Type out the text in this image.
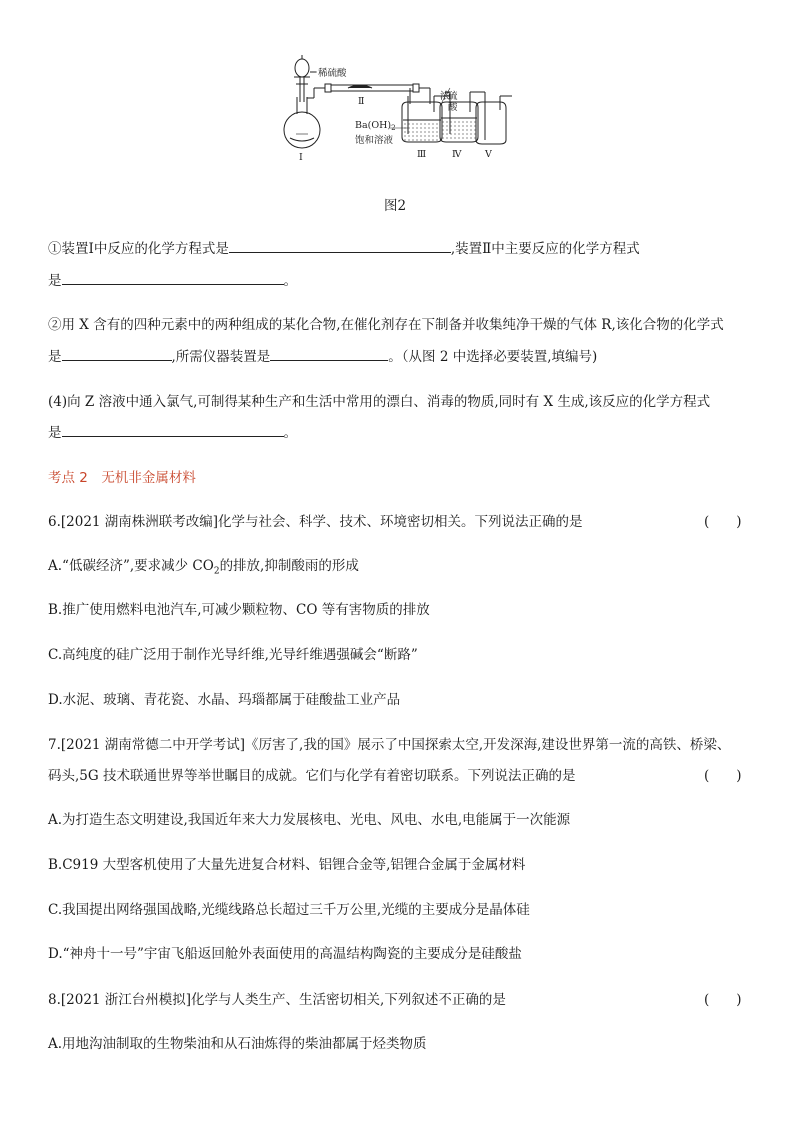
稀硫酸
Ⅱ	浓
硫
酸
$Ba(OH)_2$
饱和溶液
Ⅰ	Ⅲ	Ⅳ Ⅴ
图2
①装置Ⅰ中反应的化学方程式是	,装置Ⅱ中主要反应的化学方程式
是	。
②用 X 含有的四种元素中的两种组成的某化合物,在催化剂存在下制备并收集纯净干燥的气体 R,该化合物的化学式
是	,所需仪器装置是	。（从图 2 中选择必要装置,填编号)
(4)向 Z 溶液中通入氯气,可制得某种生产和生活中常用的漂白、消毒的物质,同时有 X 生成,该反应的化学方程式
是	。
考点 2　无机非金属材料
6.[2021 湖南株洲联考改编]化学与社会、科学、技术、环境密切相关。下列说法正确的是	(　　)
A.“低碳经济”,要求减少 $CO_2$的排放,抑制酸雨的形成
B.推广使用燃料电池汽车,可减少颗粒物、CO 等有害物质的排放
C.高纯度的硅广泛用于制作光导纤维,光导纤维遇强碱会“断路”
D.水泥、玻璃、青花瓷、水晶、玛瑙都属于硅酸盐工业产品
7.[2021 湖南常德二中开学考试]《厉害了,我的国》展示了中国探索太空,开发深海,建设世界第一流的高铁、桥梁、
码头,5G 技术联通世界等举世瞩目的成就。它们与化学有着密切联系。下列说法正确的是	(　　)
A.为打造生态文明建设,我国近年来大力发展核电、光电、风电、水电,电能属于一次能源
B.C919 大型客机使用了大量先进复合材料、铝锂合金等,铝锂合金属于金属材料
C.我国提出网络强国战略,光缆线路总长超过三千万公里,光缆的主要成分是晶体硅
D.“神舟十一号”宇宙飞船返回舱外表面使用的高温结构陶瓷的主要成分是硅酸盐
8.[2021 浙江台州模拟]化学与人类生产、生活密切相关,下列叙述不正确的是	(　　)
A.用地沟油制取的生物柴油和从石油炼得的柴油都属于烃类物质
